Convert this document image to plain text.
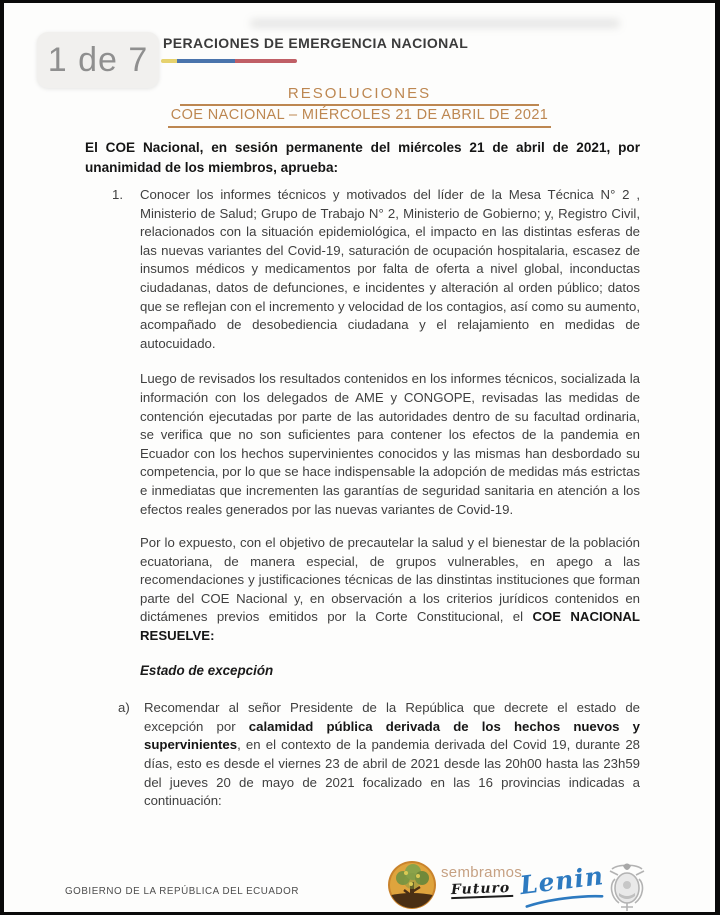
PERACIONES DE EMERGENCIA NACIONAL
RESOLUCIONES
COE NACIONAL – MIÉRCOLES 21 DE ABRIL DE 2021

El COE Nacional, en sesión permanente del miércoles 21 de abril de 2021, por unanimidad de los miembros, aprueba:

1.	Conocer los informes técnicos y motivados del líder de la Mesa Técnica N° 2 , Ministerio de Salud; Grupo de Trabajo N° 2, Ministerio de Gobierno; y, Registro Civil, relacionados con la situación epidemiológica, el impacto en las distintas esferas de las nuevas variantes del Covid-19, saturación de ocupación hospitalaria, escasez de insumos médicos y medicamentos por falta de oferta a nivel global, inconductas ciudadanas, datos de defunciones, e incidentes y alteración al orden público; datos que se reflejan con el incremento y velocidad de los contagios, así como su aumento, acompañado de desobediencia ciudadana y el relajamiento en medidas de autocuidado.
Luego de revisados los resultados contenidos en los informes técnicos, socializada la información con los delegados de AME y CONGOPE, revisadas las medidas de contención ejecutadas por parte de las autoridades dentro de su facultad ordinaria, se verifica que no son suficientes para contener los efectos de la pandemia en Ecuador con los hechos supervinientes conocidos y las mismas han desbordado su competencia, por lo que se hace indispensable la adopción de medidas más estrictas e inmediatas que incrementen las garantías de seguridad sanitaria en atención a los efectos reales generados por las nuevas variantes de Covid-19.
Por lo expuesto, con el objetivo de precautelar la salud y el bienestar de la población ecuatoriana, de manera especial, de grupos vulnerables, en apego a las recomendaciones y justificaciones técnicas de las dinstintas instituciones que forman parte del COE Nacional y, en observación a los criterios jurídicos contenidos en dictámenes previos emitidos por la Corte Constitucional, el COE NACIONAL RESUELVE:
Estado de excepción
a)	Recomendar al señor Presidente de la República que decrete el estado de excepción por calamidad pública derivada de los hechos nuevos y supervinientes, en el contexto de la pandemia derivada del Covid 19, durante 28 días, esto es desde el viernes 23 de abril de 2021 desde las 20h00 hasta las 23h59 del jueves 20 de mayo de 2021 focalizado en las 16 provincias indicadas a continuación:
GOBIERNO DE LA REPÚBLICA DEL ECUADOR
sembramos
Futuro Lenin
1 de 7
